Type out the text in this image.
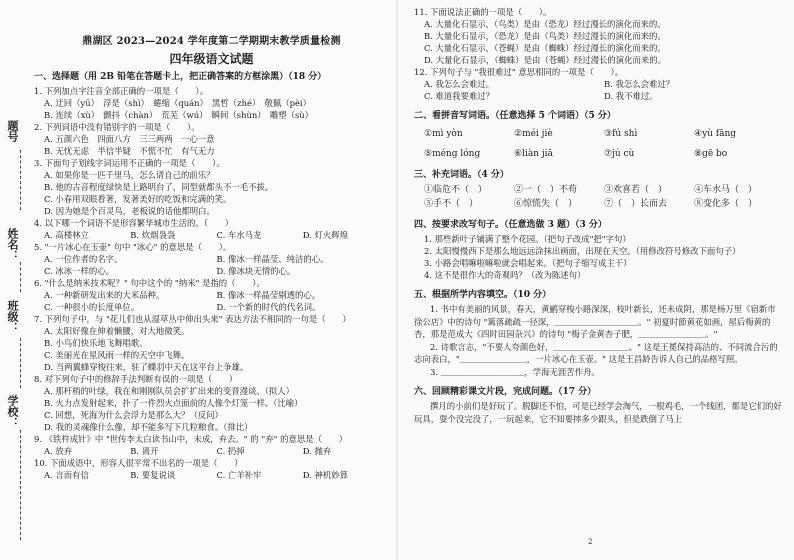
题号
姓名：
班级：
学校：
鼎湖区 2023—2024 学年度第二学期期末教学质量检测
四年级语文试题
一、选择题（用 2B 铅笔在答题卡上，把正确答案的方框涂黑）（18 分）
1. 下列加点字注音全部正确的一项是（　　）。
A. 迂回（yū）　浮是（shì）　蜷缩（quán）　黑哲（zhé）　敬佩（pèi）
B. 连续（xù）　颤抖（chàn）　荒芜（wú）　瞬间（shùn）　雕塑（sù）
2. 下列词语中没有错别字的一项是（　　）。
A. 五颜六色　四面八方　三三两两　一心一意
B. 无忧无虑　半信半疑　不慌不忙　有气无力
3. 下面句子划线字词运用不正确的一项是（　　）。
A. 如果你是一匹千里马，怎么请自己的前乐？
B. 他的古音程度绿快是上路明台了，同型就都头不一毛不拔。
C. 小春用双眼看著，发著美好的吃饭和完满的笑。
D. 因为她是个百灵鸟，老板说的话他都明白。
4. 以下哪一个词语不是形容繁华城市生活的。（　　）
A. 高楼林立	B. 炊烟袅袅	C. 车水马龙	D. 灯火辉煌
5. "一片冰心在玉壶" 句中 "冰心" 的意思是（　　）。
A. 一位作者的名字。	B. 像冰一样晶莹、纯洁的心。
C. 冰冰一样的心。	D. 像冰块无情的心。
6. "什么是纳米技术呢？" 句中这个的 "纳米" 是指的（　　）。
A. 一种新研发出来的大米品种。	B. 像冰一样晶莹剔透的心。
C. 一种很小的长度单位。	D. 一个新的时代的代名词。
7. 下列句子中，与 "花儿们也从湿草丛中伸出头来" 表达方法不相同的一句是（　　）
A. 太阳好像在伸着懒腰，对大地微笑。
B. 小鸟们快乐地飞舞唱歌。
C. 美丽光在星风雨一样的天空中飞舞。
D. 当两翼蜂穿梭往来，驻了蝶羽中天在这平台上争雄。
8. 对下列句子中的修辞手法判断有误的一项是（　　）
A. 那杆梢的叶绿，我在和刚刚队员会扩扩出来的变晋漫谈。（拟人）
B. 火力点发射起来，扑了一件烈火点面前的人像个灯笼一样。（比喻）
C. 回想，死海为什么会浮力是那么大？（反问）
D. 我的灵魂像什么像，却不能多写下几粒粮食。（排比）
9. 《铁杵成针》中 "世传李太白读书山中，未成，弃去。" 的 "弃" 的意思是（　　）
A. 放弃	B. 离开	C. 扔掉	D. 抛弃
10. 下面成语中，形容人很平常不出名的一项是（　　）
A. 言而有信	B. 要复说谈	C. 亡羊补牢	D. 神机妙算
11. 下面说法正确的一项是（　　）。
A. 大量化石显示，（鸟类）是由（恐龙）经过漫长的演化而来的。
B. 大量化石显示，（恐龙）是由（鸟类）经过漫长的演化而来的。
C. 大量化石显示，（苍蝇）是由（蜘蛛）经过漫长的演化而来的。
D. 大量化石显示，（蜘蛛）是由（苍蝇）经过漫长的演化而来的。
12. 下列句子与 "我很难过" 意思相同的一项是（　　）。
A. 我怎么会难过。	B. 我怎么会难过？
C. 难道我要难过？	D. 我不难过。
二、看拼音写词语。（任意选择 5 个词语）（5 分）
①mì yòn	②méi jiè	③fú shì	④yù fāng
⑤méng lóng	⑥liàn jiā	⑦jú cù	⑧gē bo
三、补充词语。（4 分）
①临危不（　）	②一（　）不苟	③欢喜若（　）	④车水马（　）
⑤手不（　）	⑥惊慌失（　）	⑦（　）长而去	⑧变化多（　）
四、按要求改写句子。（任意选做 3 题）（3 分）
1. 那些新叶子铺满了整个花园。（把句子改成"把"字句）
2. 太阳慢慢西下是那么地远远涂抹出画面，出现在天空。（用修改符号修改下面句子）
3. 小路会唱嘛啦嘛啦就会唱起来。（把句子缩写成主干）
4. 这不是很作大的奇观吗？（改为陈述句）
五、根据所学内容填空。（10 分）
1. 书中有美丽的风景，春天，黄鹂穿梭小路深深，枝叶新长，还未成阴，那是杨万里《宿新市徐公店》中的诗句 "篱落疏疏一径深，＿＿＿＿＿＿＿＿＿＿。" 初夏时節黄花如画，屋后梅黄的杏，那是范成大《四时田园杂兴》的诗句 "梅子金黄杏子肥，＿＿＿＿＿＿＿＿。"
2. 诗歌言志，"不要人夸颜色好，＿＿＿＿＿＿＿＿＿。" 这是王冕保持高洁的、不同流合污的志向表白，"＿＿＿＿＿＿＿＿，一片冰心在玉壶。" 这是王昌龄告诉人自己的品格写照。
3. ＿＿＿＿＿＿＿＿＿＿，学海无涯苦作舟。
六、回顾精彩课文片段，完成问题。（17 分）
撰月的小前们是好玩了。脱脚还不怕，可是已经学会淘气，一根鸡毛，一个线团，都是它们的好玩具，耍个没完没了，一玩起来，它不知要摔多少跟头，但是跌倒了马上
2
